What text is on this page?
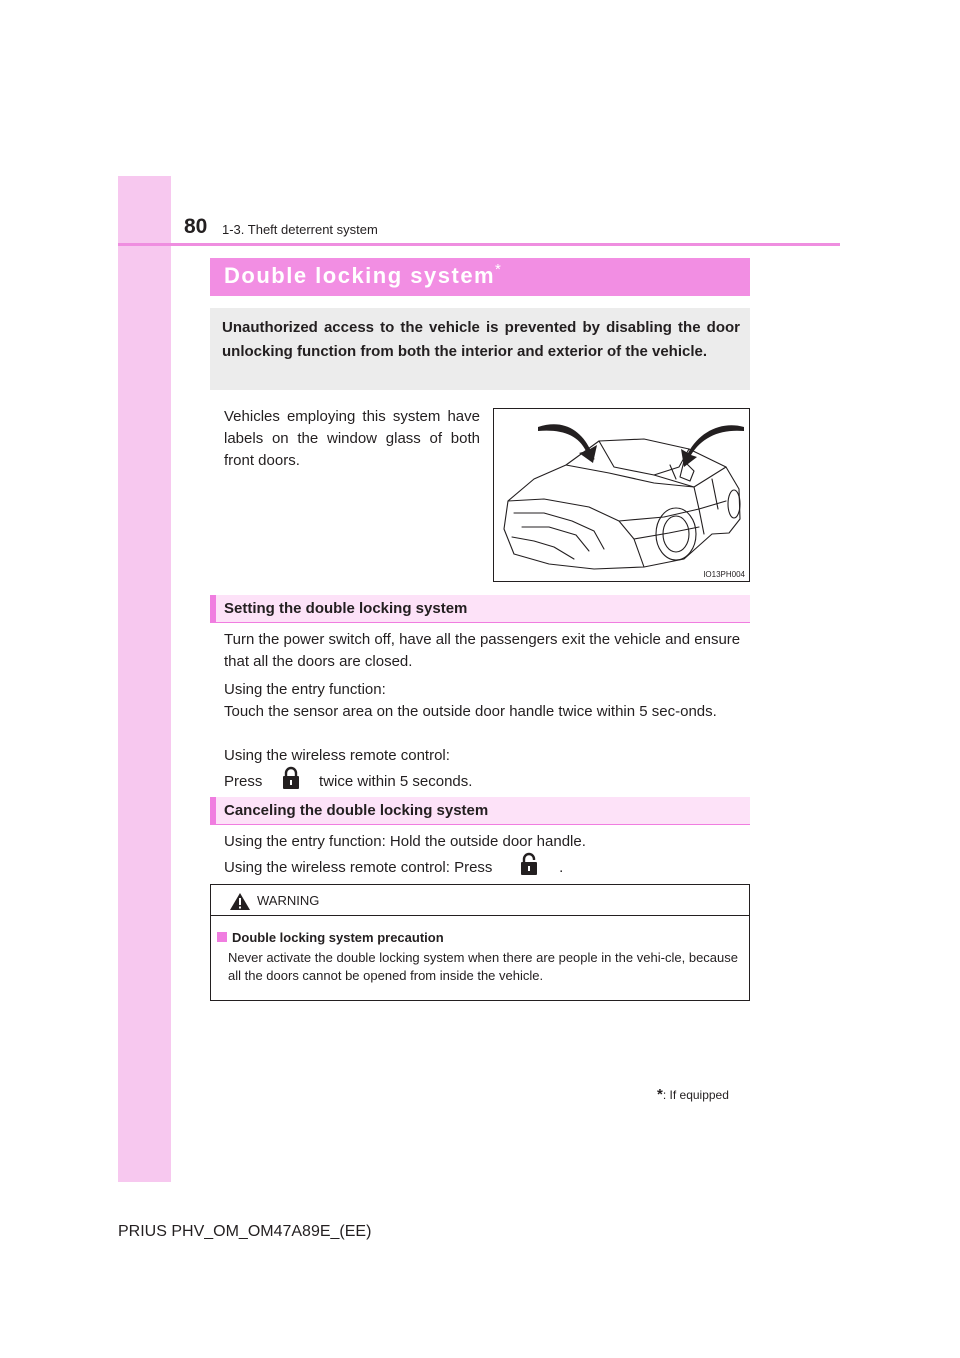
80 1-3. Theft deterrent system
Double locking system *
Unauthorized access to the vehicle is prevented by disabling the door unlocking function from both the interior and exterior of the vehicle.

Vehicles employing this system have labels on the window glass of both front doors.

IO13PH004
Setting the double locking system

Turn the power switch off, have all the passengers exit the vehicle and ensure that all the doors are closed.

Using the entry function:

Touch the sensor area on the outside door handle twice within 5 sec-onds.

Using the wireless remote control:

Press	twice within 5 seconds.

Canceling the double locking system

Using the entry function: Hold the outside door handle.

Using the wireless remote control: Press	.

WARNING
Double locking system precaution
Never activate the double locking system when there are people in the vehi-cle, because all the doors cannot be opened from inside the vehicle.
*: If equipped
PRIUS PHV_OM_OM47A89E_(EE)
